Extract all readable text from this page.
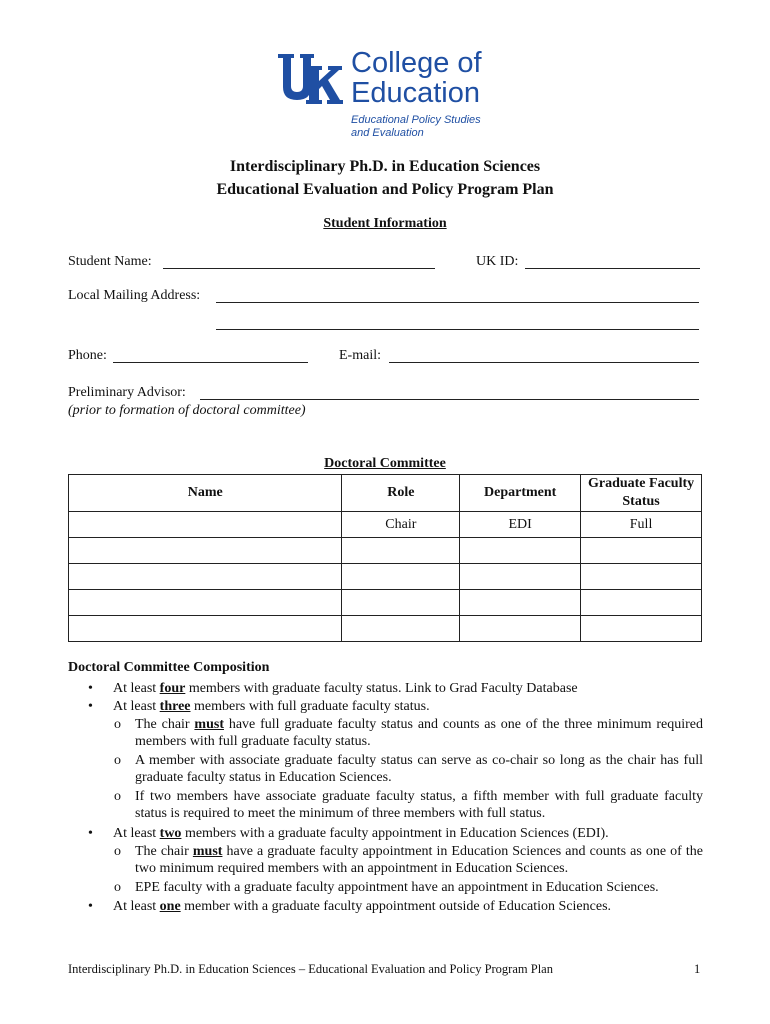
College of
Education
Educational Policy Studies
and Evaluation
Interdisciplinary Ph.D. in Education Sciences
Educational Evaluation and Policy Program Plan
Student Information
Student Name:	UK ID:
Local Mailing Address:
Phone:	E-mail:
Preliminary Advisor:
(prior to formation of doctoral committee)
Doctoral Committee
Name	Role	Department	Graduate Faculty Status
	Chair	EDI	Full

Doctoral Committee Composition
•	At least four members with graduate faculty status. Link to Grad Faculty Database
•	At least three members with full graduate faculty status.
o	The chair must have full graduate faculty status and counts as one of the three minimum required members with full graduate faculty status.
o	A member with associate graduate faculty status can serve as co-chair so long as the chair has full graduate faculty status in Education Sciences.
o	If two members have associate graduate faculty status, a fifth member with full graduate faculty status is required to meet the minimum of three members with full status.
•	At least two members with a graduate faculty appointment in Education Sciences (EDI).
o	The chair must have a graduate faculty appointment in Education Sciences and counts as one of the two minimum required members with an appointment in Education Sciences.
o	EPE faculty with a graduate faculty appointment have an appointment in Education Sciences.
•	At least one member with a graduate faculty appointment outside of Education Sciences.
Interdisciplinary Ph.D. in Education Sciences – Educational Evaluation and Policy Program Plan	1
